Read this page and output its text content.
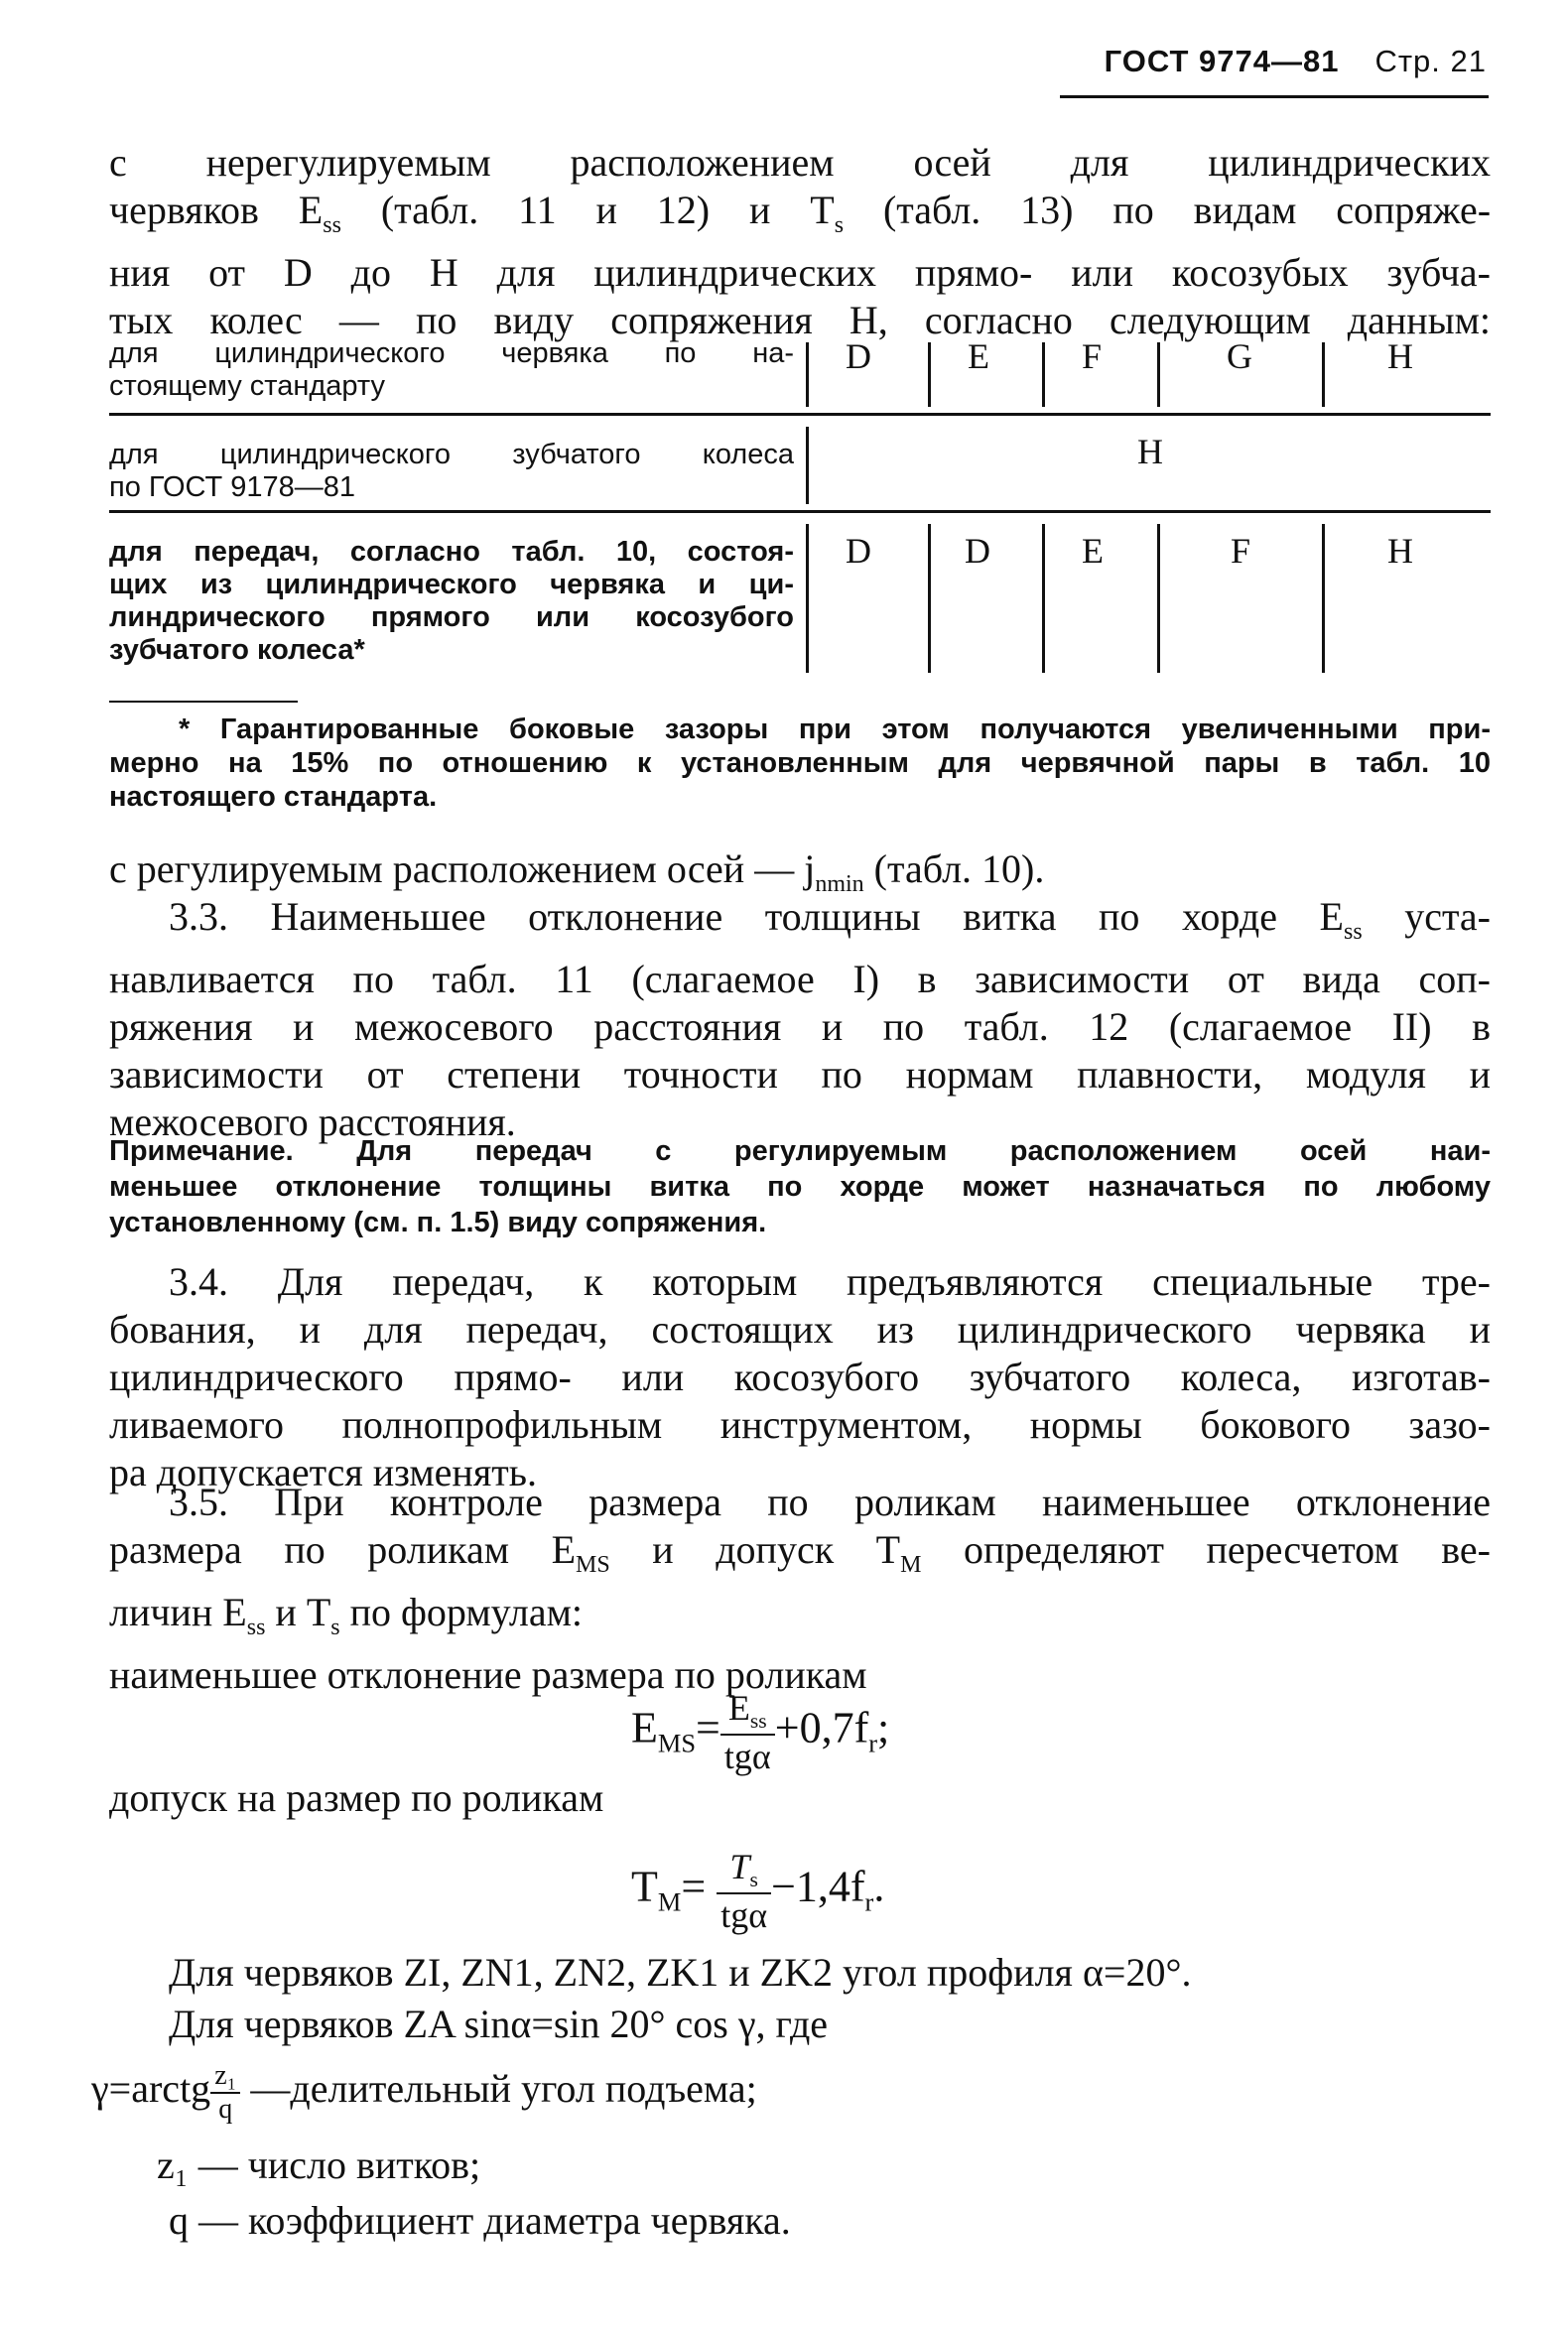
ГОСТ 9774—81 Стр. 21
с нерегулируемым расположением осей для цилиндрических
червяков $E_{ss}$ (табл. 11 и 12) и $T_s$ (табл. 13) по видам сопряже-
ния от D до H для цилиндрических прямо- или косозубых зубча-
тых колес — по виду сопряжения H, согласно следующим данным:
для цилиндрического червяка по на-
стоящему стандарту
D	E	F	G	H
для цилиндрического зубчатого колеса
по ГОСТ 9178—81
H
для передач, согласно табл. 10, состоя-
щих из цилиндрического червяка и ци-
линдрического прямого или косозубого
зубчатого колеса*
D	D	E	F	H
* Гарантированные боковые зазоры при этом получаются увеличенными при-
мерно на 15% по отношению к установленным для червячной пары в табл. 10
настоящего стандарта.
с регулируемым расположением осей — $j_{nmin}$ (табл. 10).
3.3. Наименьшее отклонение толщины витка по хорде $E_{ss}$ уста-
навливается по табл. 11 (слагаемое I) в зависимости от вида соп-
ряжения и межосевого расстояния и по табл. 12 (слагаемое II) в
зависимости от степени точности по нормам плавности, модуля и
межосевого расстояния.
Примечание. Для передач с регулируемым расположением осей наи-
меньшее отклонение толщины витка по хорде может назначаться по любому
установленному (см. п. 1.5) виду сопряжения.
3.4. Для передач, к которым предъявляются специальные тре-
бования, и для передач, состоящих из цилиндрического червяка и
цилиндрического прямо- или косозубого зубчатого колеса, изготав-
ливаемого полнопрофильным инструментом, нормы бокового зазо-
ра допускается изменять.
3.5. При контроле размера по роликам наименьшее отклонение
размера по роликам $E_{MS}$ и допуск $T_M$ определяют пересчетом ве-
личин $E_{ss}$ и $T_s$ по формулам:
наименьшее отклонение размера по роликам
$E_{MS}= \frac{E_{ss}}{\text{tgα}} +0,7f_r$;
допуск на размер по роликам
$T_M= \frac{T_s}{\text{tgα}} -1,4f_r$.
Для червяков ZI, ZN1, ZN2, ZK1 и ZK2 угол профиля α=20°.
Для червяков ZA sinα=sin 20° cos γ, где
γ=arctg $\frac{\text{z₁}}{q}$ —делительный угол подъема;
z₁ — число витков;
q — коэффициент диаметра червяка.
